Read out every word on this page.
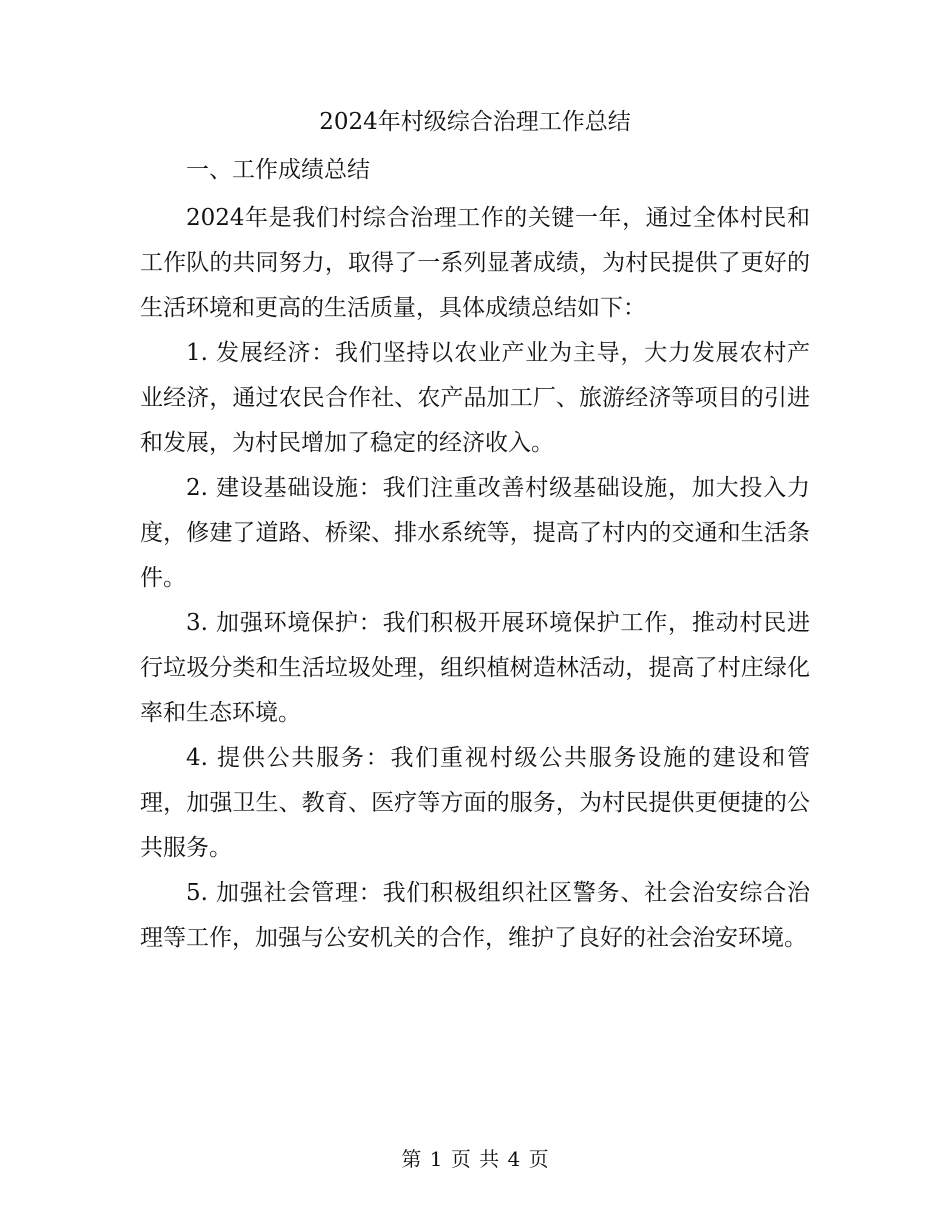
2024年村级综合治理工作总结
一、工作成绩总结

2024年是我们村综合治理工作的关键一年，通过全体村民和工作队的共同努力，取得了一系列显著成绩，为村民提供了更好的生活环境和更高的生活质量，具体成绩总结如下：

1. 发展经济：我们坚持以农业产业为主导，大力发展农村产业经济，通过农民合作社、农产品加工厂、旅游经济等项目的引进和发展，为村民增加了稳定的经济收入。

2. 建设基础设施：我们注重改善村级基础设施，加大投入力度，修建了道路、桥梁、排水系统等，提高了村内的交通和生活条件。

3. 加强环境保护：我们积极开展环境保护工作，推动村民进行垃圾分类和生活垃圾处理，组织植树造林活动，提高了村庄绿化率和生态环境。

4. 提供公共服务：我们重视村级公共服务设施的建设和管理，加强卫生、教育、医疗等方面的服务，为村民提供更便捷的公共服务。

5. 加强社会管理：我们积极组织社区警务、社会治安综合治理等工作，加强与公安机关的合作，维护了良好的社会治安环境。

第 1 页 共 4 页
